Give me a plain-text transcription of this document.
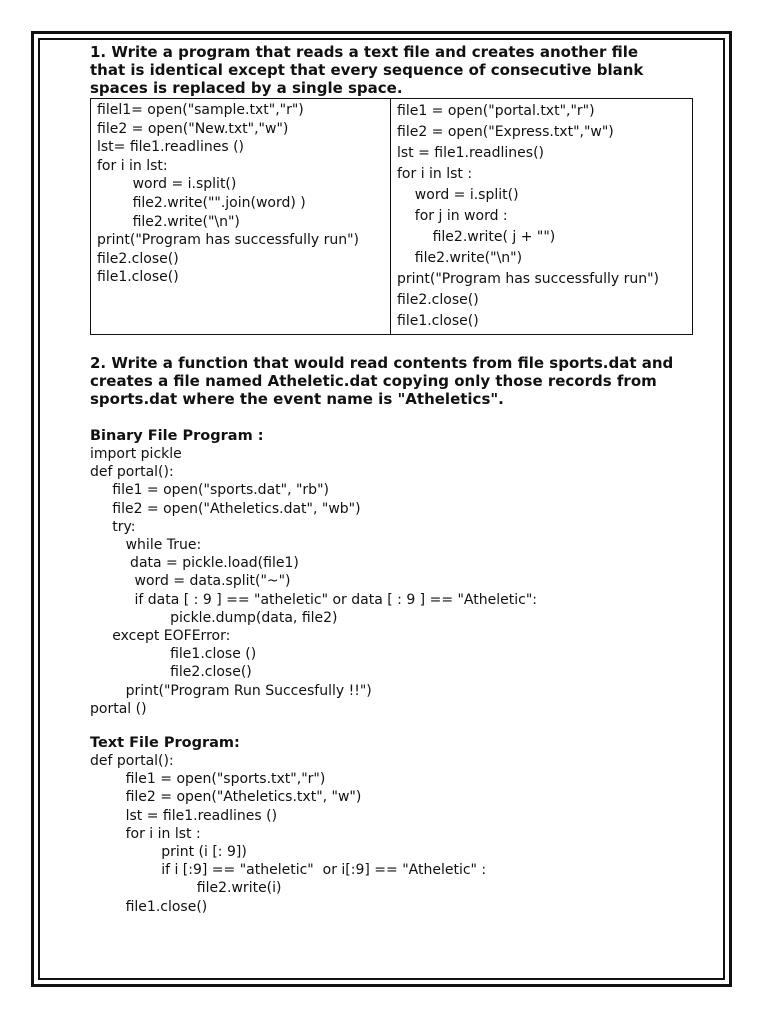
1. Write a program that reads a text file and creates another file
that is identical except that every sequence of consecutive blank
spaces is replaced by a single space.

filel1= open("sample.txt","r")
file2 = open("New.txt","w")
lst= file1.readlines ()
for i in lst:
word = i.split()
file2.write("".join(word) )
file2.write("\n")
print("Program has successfully run")
file2.close()
file1.close()

file1 = open("portal.txt","r")
file2 = open("Express.txt","w")
lst = file1.readlines()
for i in lst :
word = i.split()
for j in word :
file2.write( j + "")
file2.write("\n")
print("Program has successfully run")
file2.close()
file1.close()

2. Write a function that would read contents from file sports.dat and
creates a file named Atheletic.dat copying only those records from
sports.dat where the event name is "Atheletics".

Binary File Program :

import pickle
def portal():
file1 = open("sports.dat", "rb")
file2 = open("Atheletics.dat", "wb")
try:
while True:
data = pickle.load(file1)
word = data.split("~")
if data [ : 9 ] == "atheletic" or data [ : 9 ] == "Atheletic":
pickle.dump(data, file2)
except EOFError:
file1.close ()
file2.close()
print("Program Run Succesfully !!")
portal ()

Text File Program:

def portal():
file1 = open("sports.txt","r")
file2 = open("Atheletics.txt", "w")
lst = file1.readlines ()
for i in lst :
print (i [: 9])
if i [:9] == "atheletic"  or i[:9] == "Atheletic" :
file2.write(i)
file1.close()
